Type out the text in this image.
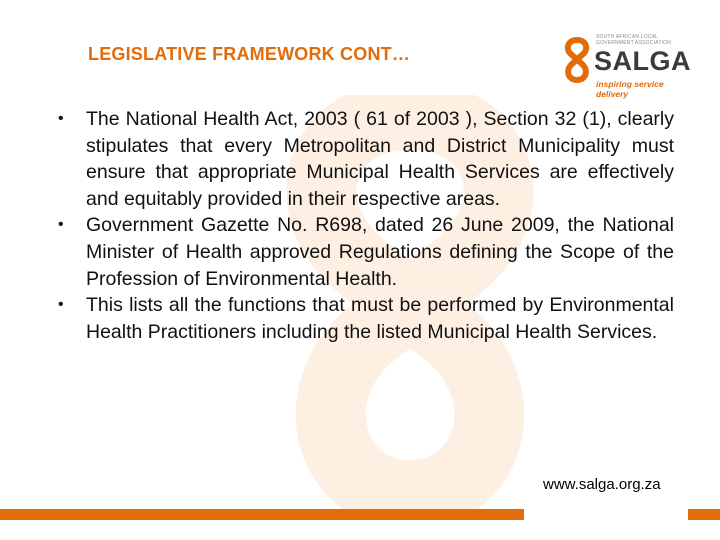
LEGISLATIVE FRAMEWORK CONT…
SOUTH AFRICAN LOCAL GOVERNMENT ASSOCIATION
SALGA
inspiring service delivery
• The National Health Act, 2003 ( 61 of 2003 ), Section 32 (1), clearly stipulates that every Metropolitan and District Municipality must ensure that appropriate Municipal Health Services are effectively and equitably provided in their respective areas.
• Government Gazette No. R698, dated 26 June 2009, the National Minister of Health approved Regulations defining the Scope of the Profession of Environmental Health.
• This lists all the functions that must be performed by Environmental Health Practitioners including the listed Municipal Health Services.
www.salga.org.za
